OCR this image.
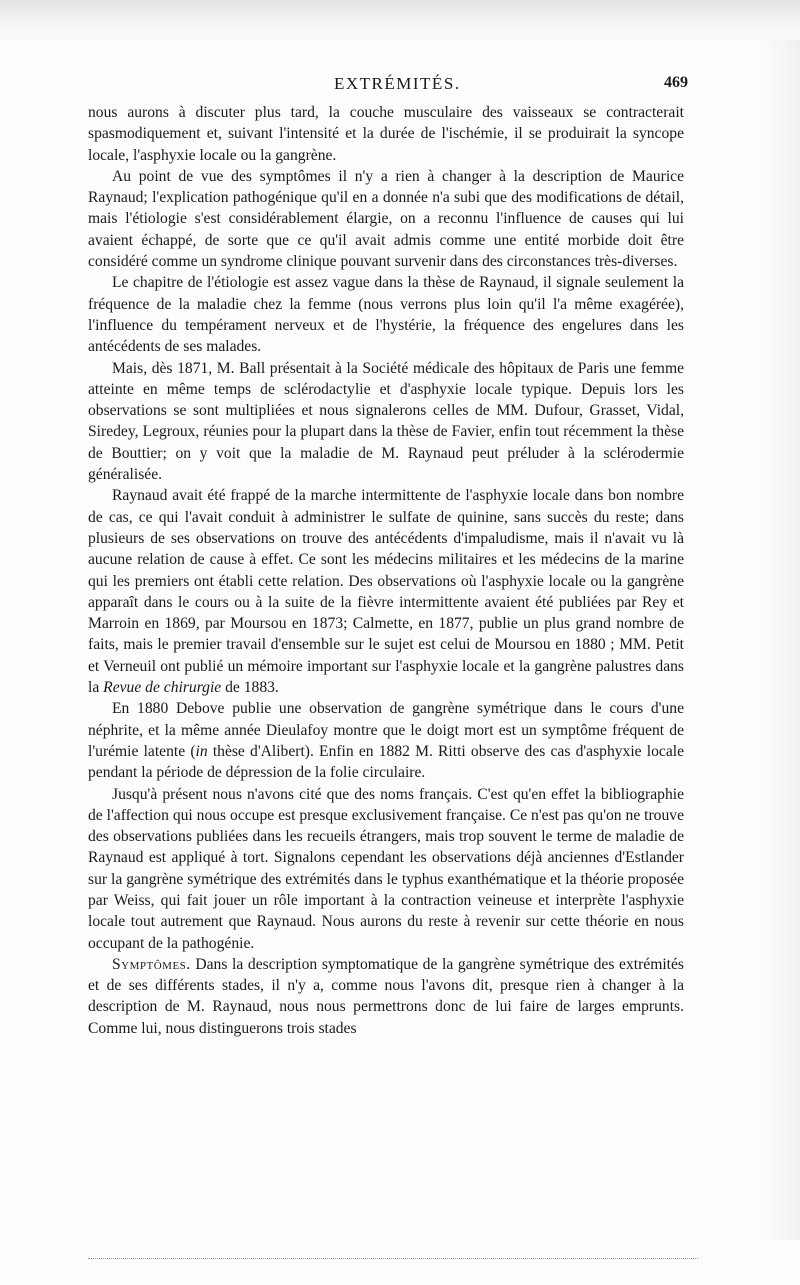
EXTRÉMITÉS.	469

nous aurons à discuter plus tard, la couche musculaire des vaisseaux se contracterait spasmodiquement et, suivant l'intensité et la durée de l'ischémie, il se produirait la syncope locale, l'asphyxie locale ou la gangrène.

Au point de vue des symptômes il n'y a rien à changer à la description de Maurice Raynaud; l'explication pathogénique qu'il en a donnée n'a subi que des modifications de détail, mais l'étiologie s'est considérablement élargie, on a reconnu l'influence de causes qui lui avaient échappé, de sorte que ce qu'il avait admis comme une entité morbide doit être considéré comme un syndrome clinique pouvant survenir dans des circonstances très-diverses.

Le chapitre de l'étiologie est assez vague dans la thèse de Raynaud, il signale seulement la fréquence de la maladie chez la femme (nous verrons plus loin qu'il l'a même exagérée), l'influence du tempérament nerveux et de l'hystérie, la fréquence des engelures dans les antécédents de ses malades.

Mais, dès 1871, M. Ball présentait à la Société médicale des hôpitaux de Paris une femme atteinte en même temps de sclérodactylie et d'asphyxie locale typique. Depuis lors les observations se sont multipliées et nous signalerons celles de MM. Dufour, Grasset, Vidal, Siredey, Legroux, réunies pour la plupart dans la thèse de Favier, enfin tout récemment la thèse de Bouttier; on y voit que la maladie de M. Raynaud peut préluder à la sclérodermie généralisée.

Raynaud avait été frappé de la marche intermittente de l'asphyxie locale dans bon nombre de cas, ce qui l'avait conduit à administrer le sulfate de quinine, sans succès du reste; dans plusieurs de ses observations on trouve des antécédents d'impaludisme, mais il n'avait vu là aucune relation de cause à effet. Ce sont les médecins militaires et les médecins de la marine qui les premiers ont établi cette relation. Des observations où l'asphyxie locale ou la gangrène apparaît dans le cours ou à la suite de la fièvre intermittente avaient été publiées par Rey et Marroin en 1869, par Moursou en 1873; Calmette, en 1877, publie un plus grand nombre de faits, mais le premier travail d'ensemble sur le sujet est celui de Moursou en 1880 ; MM. Petit et Verneuil ont publié un mémoire important sur l'asphyxie locale et la gangrène palustres dans la Revue de chirurgie de 1883.

En 1880 Debove publie une observation de gangrène symétrique dans le cours d'une néphrite, et la même année Dieulafoy montre que le doigt mort est un symptôme fréquent de l'urémie latente (in thèse d'Alibert). Enfin en 1882 M. Ritti observe des cas d'asphyxie locale pendant la période de dépression de la folie circulaire.

Jusqu'à présent nous n'avons cité que des noms français. C'est qu'en effet la bibliographie de l'affection qui nous occupe est presque exclusivement française. Ce n'est pas qu'on ne trouve des observations publiées dans les recueils étrangers, mais trop souvent le terme de maladie de Raynaud est appliqué à tort. Signalons cependant les observations déjà anciennes d'Estlander sur la gangrène symétrique des extrémités dans le typhus exanthématique et la théorie proposée par Weiss, qui fait jouer un rôle important à la contraction veineuse et interprète l'asphyxie locale tout autrement que Raynaud. Nous aurons du reste à revenir sur cette théorie en nous occupant de la pathogénie.

Symptômes. Dans la description symptomatique de la gangrène symétrique des extrémités et de ses différents stades, il n'y a, comme nous l'avons dit, presque rien à changer à la description de M. Raynaud, nous nous permettrons donc de lui faire de larges emprunts. Comme lui, nous distinguerons trois stades
